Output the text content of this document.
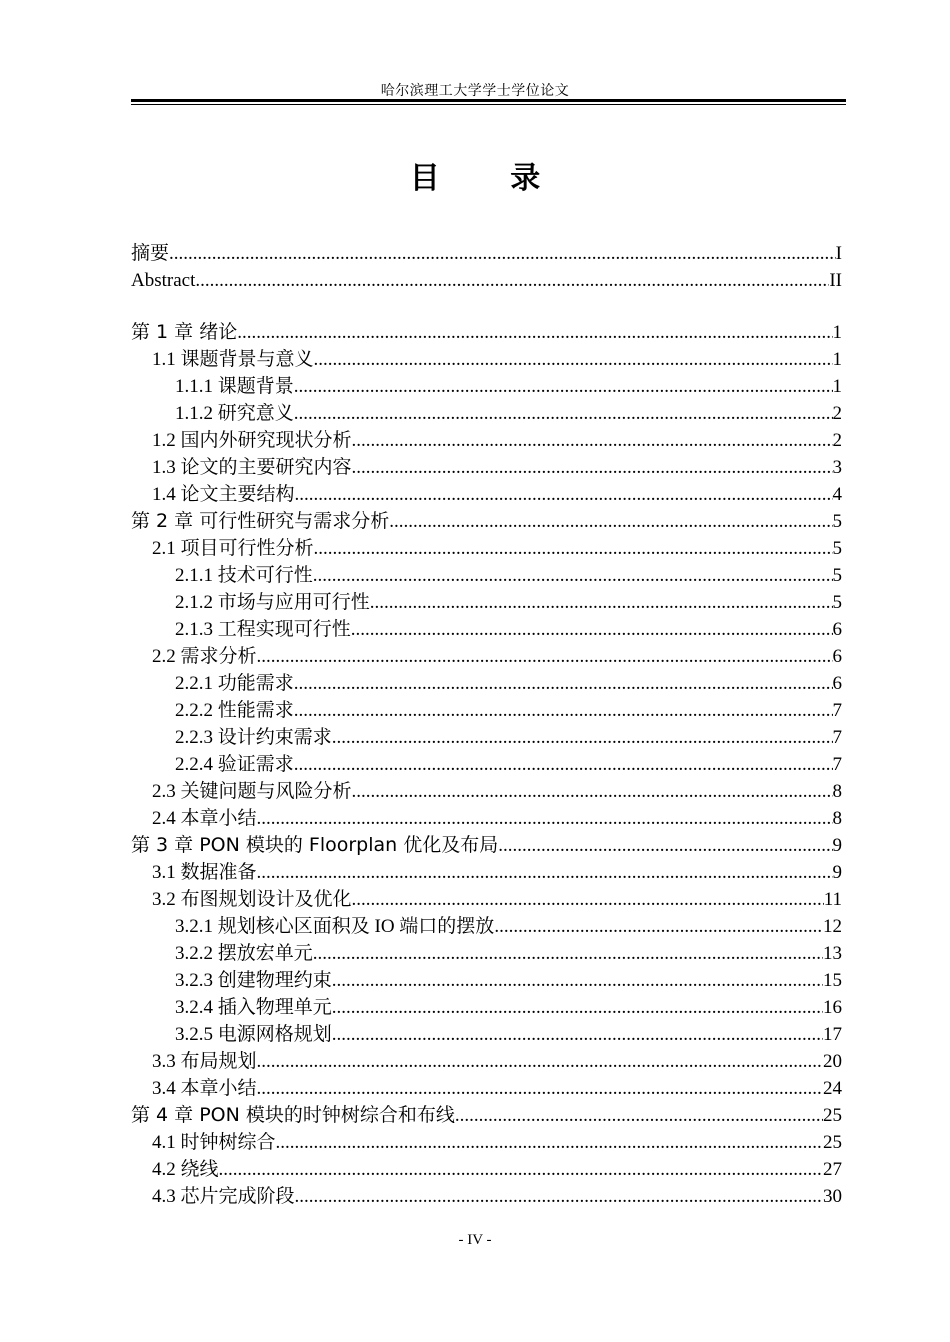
哈尔滨理工大学学士学位论文
目 录
摘要 .....	I
Abstract .....	II
第 1 章 绪论 .....	1
1.1 课题背景与意义 .....	1
1.1.1 课题背景 .....	1
1.1.2 研究意义 .....	2
1.2 国内外研究现状分析 .....	2
1.3 论文的主要研究内容 .....	3
1.4 论文主要结构 .....	4
第 2 章 可行性研究与需求分析 .....	5
2.1 项目可行性分析 .....	5
2.1.1 技术可行性 .....	5
2.1.2 市场与应用可行性 .....	5
2.1.3 工程实现可行性 .....	6
2.2 需求分析 .....	6
2.2.1 功能需求 .....	6
2.2.2 性能需求 .....	7
2.2.3 设计约束需求 .....	7
2.2.4 验证需求 .....	7
2.3 关键问题与风险分析 .....	8
2.4 本章小结 .....	8
第 3 章 PON 模块的 Floorplan 优化及布局 .....	9
3.1 数据准备 .....	9
3.2 布图规划设计及优化 .....	11
3.2.1 规划核心区面积及 IO 端口的摆放 .....	12
3.2.2 摆放宏单元 .....	13
3.2.3 创建物理约束 .....	15
3.2.4 插入物理单元 .....	16
3.2.5 电源网格规划 .....	17
3.3 布局规划 .....	20
3.4 本章小结 .....	24
第 4 章 PON 模块的时钟树综合和布线 .....	25
4.1 时钟树综合 .....	25
4.2 绕线 .....	27
4.3 芯片完成阶段 .....	30
- IV -
